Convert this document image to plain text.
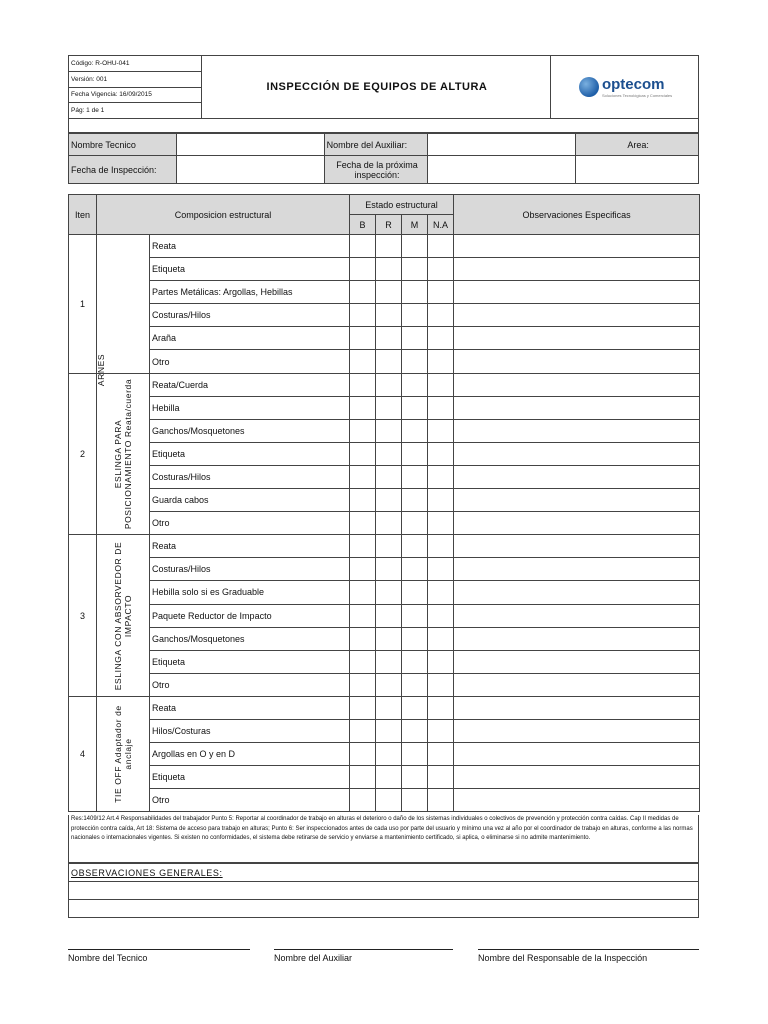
Código: R-OHU-041	INSPECCIÓN DE EQUIPOS DE ALTURA	optecom
Soluciones Tecnológicas y Comerciales

Versión: 001
Fecha Vigencia: 16/09/2015
Pág: 1 de 1
Nombre Tecnico		Nombre del Auxiliar:		Area:
Fecha de Inspección:		Fecha de la próxima inspección:		
Iten	Composicion estructural		Estado estructural				Observaciones Especificas
			B	R	M	N.A	
1	ARNES	Reata					
		Etiqueta					
		Partes Metálicas: Argollas, Hebillas					
		Costuras/Hilos					
		Araña					
		Otro					
2	ESLINGA PARA POSICIONAMIENTO Reata/cuerda	Reata/Cuerda					
		Hebilla					
		Ganchos/Mosquetones					
		Etiqueta					
		Costuras/Hilos					
		Guarda cabos					
		Otro					
3	ESLINGA CON ABSORVEDOR DE IMPACTO	Reata					
		Costuras/Hilos					
		Hebilla solo si es Graduable					
		Paquete Reductor de Impacto					
		Ganchos/Mosquetones					
		Etiqueta					
		Otro					
4	TIE OFF Adaptador de anclaje	Reata					
		Hilos/Costuras					
		Argollas en O y en D					
		Etiqueta					
		Otro					
Res:1409/12 Art.4 Responsabilidades del trabajador Punto 5: Reportar al coordinador de trabajo en alturas el deterioro o daño de los sistemas individuales o colectivos de prevención y protección contra caídas. Cap II medidas de protección contra caída, Art 18: Sistema de acceso para trabajo en alturas; Punto 6: Ser inspeccionados antes de cada uso por parte del usuario y mínimo una vez al año por el coordinador de trabajo en alturas, conforme a las normas nacionales o internacionales vigentes. Si existen no conformidades, el sistema debe retirarse de servicio y enviarse a mantenimiento certificado, si aplica, o eliminarse si no admite mantenimiento.
OBSERVACIONES GENERALES:

Nombre del Tecnico	Nombre del Auxiliar	Nombre del Responsable de la Inspección
